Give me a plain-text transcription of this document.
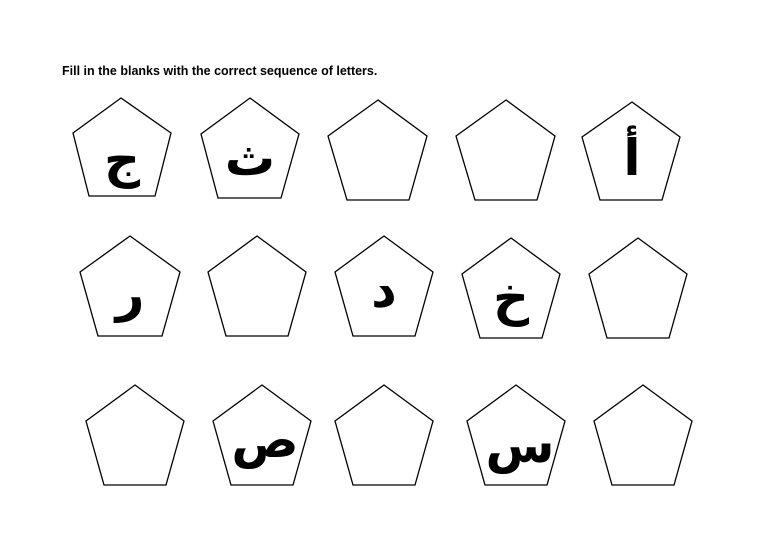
Fill in the blanks with the correct sequence of letters.
ج ث	أ
ر	د خ
ص	س
